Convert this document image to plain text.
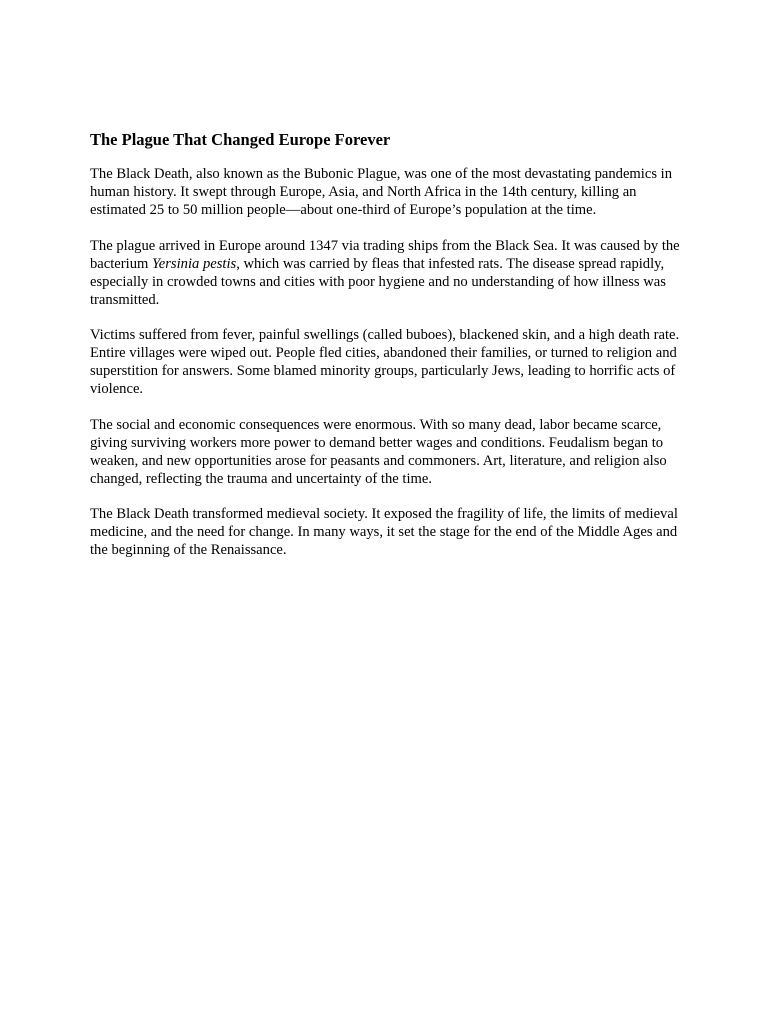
The Plague That Changed Europe Forever

The Black Death, also known as the Bubonic Plague, was one of the most devastating pandemics in human history. It swept through Europe, Asia, and North Africa in the 14th century, killing an estimated 25 to 50 million people—about one-third of Europe’s population at the time.

The plague arrived in Europe around 1347 via trading ships from the Black Sea. It was caused by the bacterium Yersinia pestis, which was carried by fleas that infested rats. The disease spread rapidly, especially in crowded towns and cities with poor hygiene and no understanding of how illness was transmitted.

Victims suffered from fever, painful swellings (called buboes), blackened skin, and a high death rate. Entire villages were wiped out. People fled cities, abandoned their families, or turned to religion and superstition for answers. Some blamed minority groups, particularly Jews, leading to horrific acts of violence.

The social and economic consequences were enormous. With so many dead, labor became scarce, giving surviving workers more power to demand better wages and conditions. Feudalism began to weaken, and new opportunities arose for peasants and commoners. Art, literature, and religion also changed, reflecting the trauma and uncertainty of the time.

The Black Death transformed medieval society. It exposed the fragility of life, the limits of medieval medicine, and the need for change. In many ways, it set the stage for the end of the Middle Ages and the beginning of the Renaissance.
